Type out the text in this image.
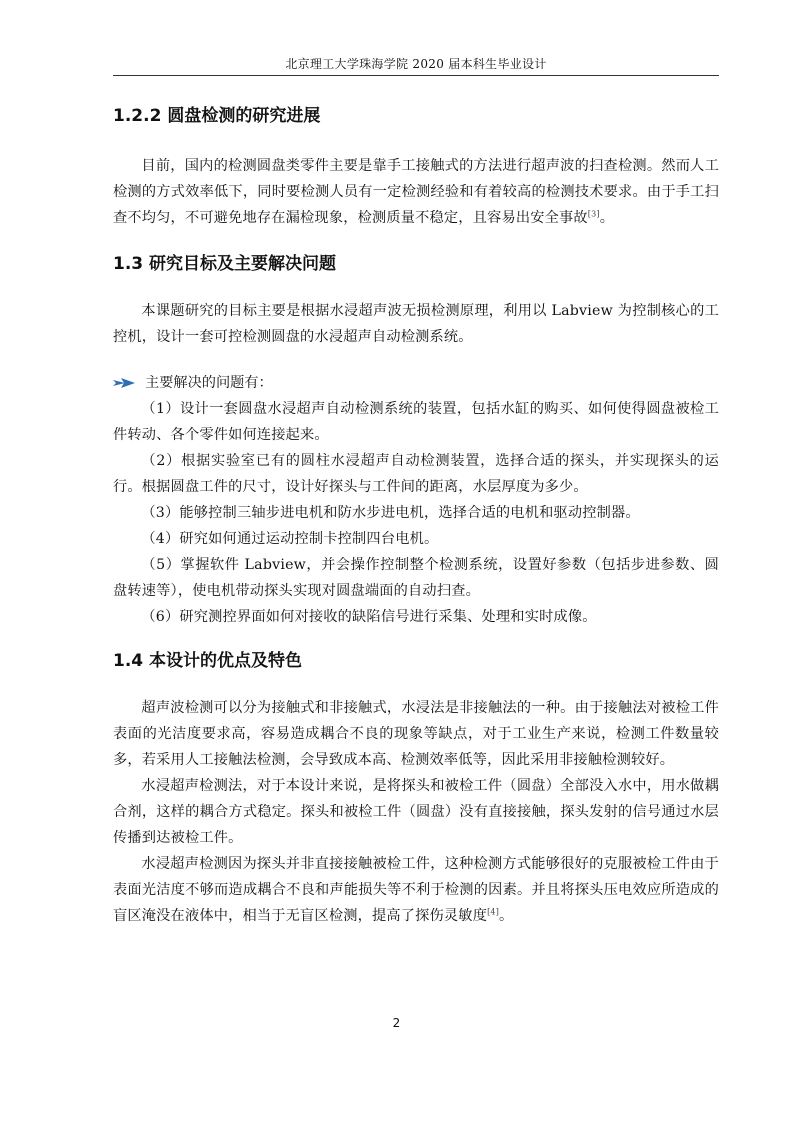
北京理工大学珠海学院 2020 届本科生毕业设计
1.2.2 圆盘检测的研究进展

目前，国内的检测圆盘类零件主要是靠手工接触式的方法进行超声波的扫查检测。然而人工检测的方式效率低下，同时要检测人员有一定检测经验和有着较高的检测技术要求。由于手工扫查不均匀，不可避免地存在漏检现象，检测质量不稳定，且容易出安全事故[3]。

1.3 研究目标及主要解决问题

本课题研究的目标主要是根据水浸超声波无损检测原理，利用以 Labview 为控制核心的工控机，设计一套可控检测圆盘的水浸超声自动检测系统。

主要解决的问题有：

（1）设计一套圆盘水浸超声自动检测系统的装置，包括水缸的购买、如何使得圆盘被检工件转动、各个零件如何连接起来。

（2）根据实验室已有的圆柱水浸超声自动检测装置，选择合适的探头，并实现探头的运行。根据圆盘工件的尺寸，设计好探头与工件间的距离，水层厚度为多少。

（3）能够控制三轴步进电机和防水步进电机，选择合适的电机和驱动控制器。

（4）研究如何通过运动控制卡控制四台电机。

（5）掌握软件 Labview，并会操作控制整个检测系统，设置好参数（包括步进参数、圆盘转速等），使电机带动探头实现对圆盘端面的自动扫查。

（6）研究测控界面如何对接收的缺陷信号进行采集、处理和实时成像。

1.4 本设计的优点及特色

超声波检测可以分为接触式和非接触式，水浸法是非接触法的一种。由于接触法对被检工件表面的光洁度要求高，容易造成耦合不良的现象等缺点，对于工业生产来说，检测工件数量较多，若采用人工接触法检测，会导致成本高、检测效率低等，因此采用非接触检测较好。

水浸超声检测法，对于本设计来说，是将探头和被检工件（圆盘）全部没入水中，用水做耦合剂，这样的耦合方式稳定。探头和被检工件（圆盘）没有直接接触，探头发射的信号通过水层传播到达被检工件。

水浸超声检测因为探头并非直接接触被检工件，这种检测方式能够很好的克服被检工件由于表面光洁度不够而造成耦合不良和声能损失等不利于检测的因素。并且将探头压电效应所造成的盲区淹没在液体中，相当于无盲区检测，提高了探伤灵敏度[4]。

2
